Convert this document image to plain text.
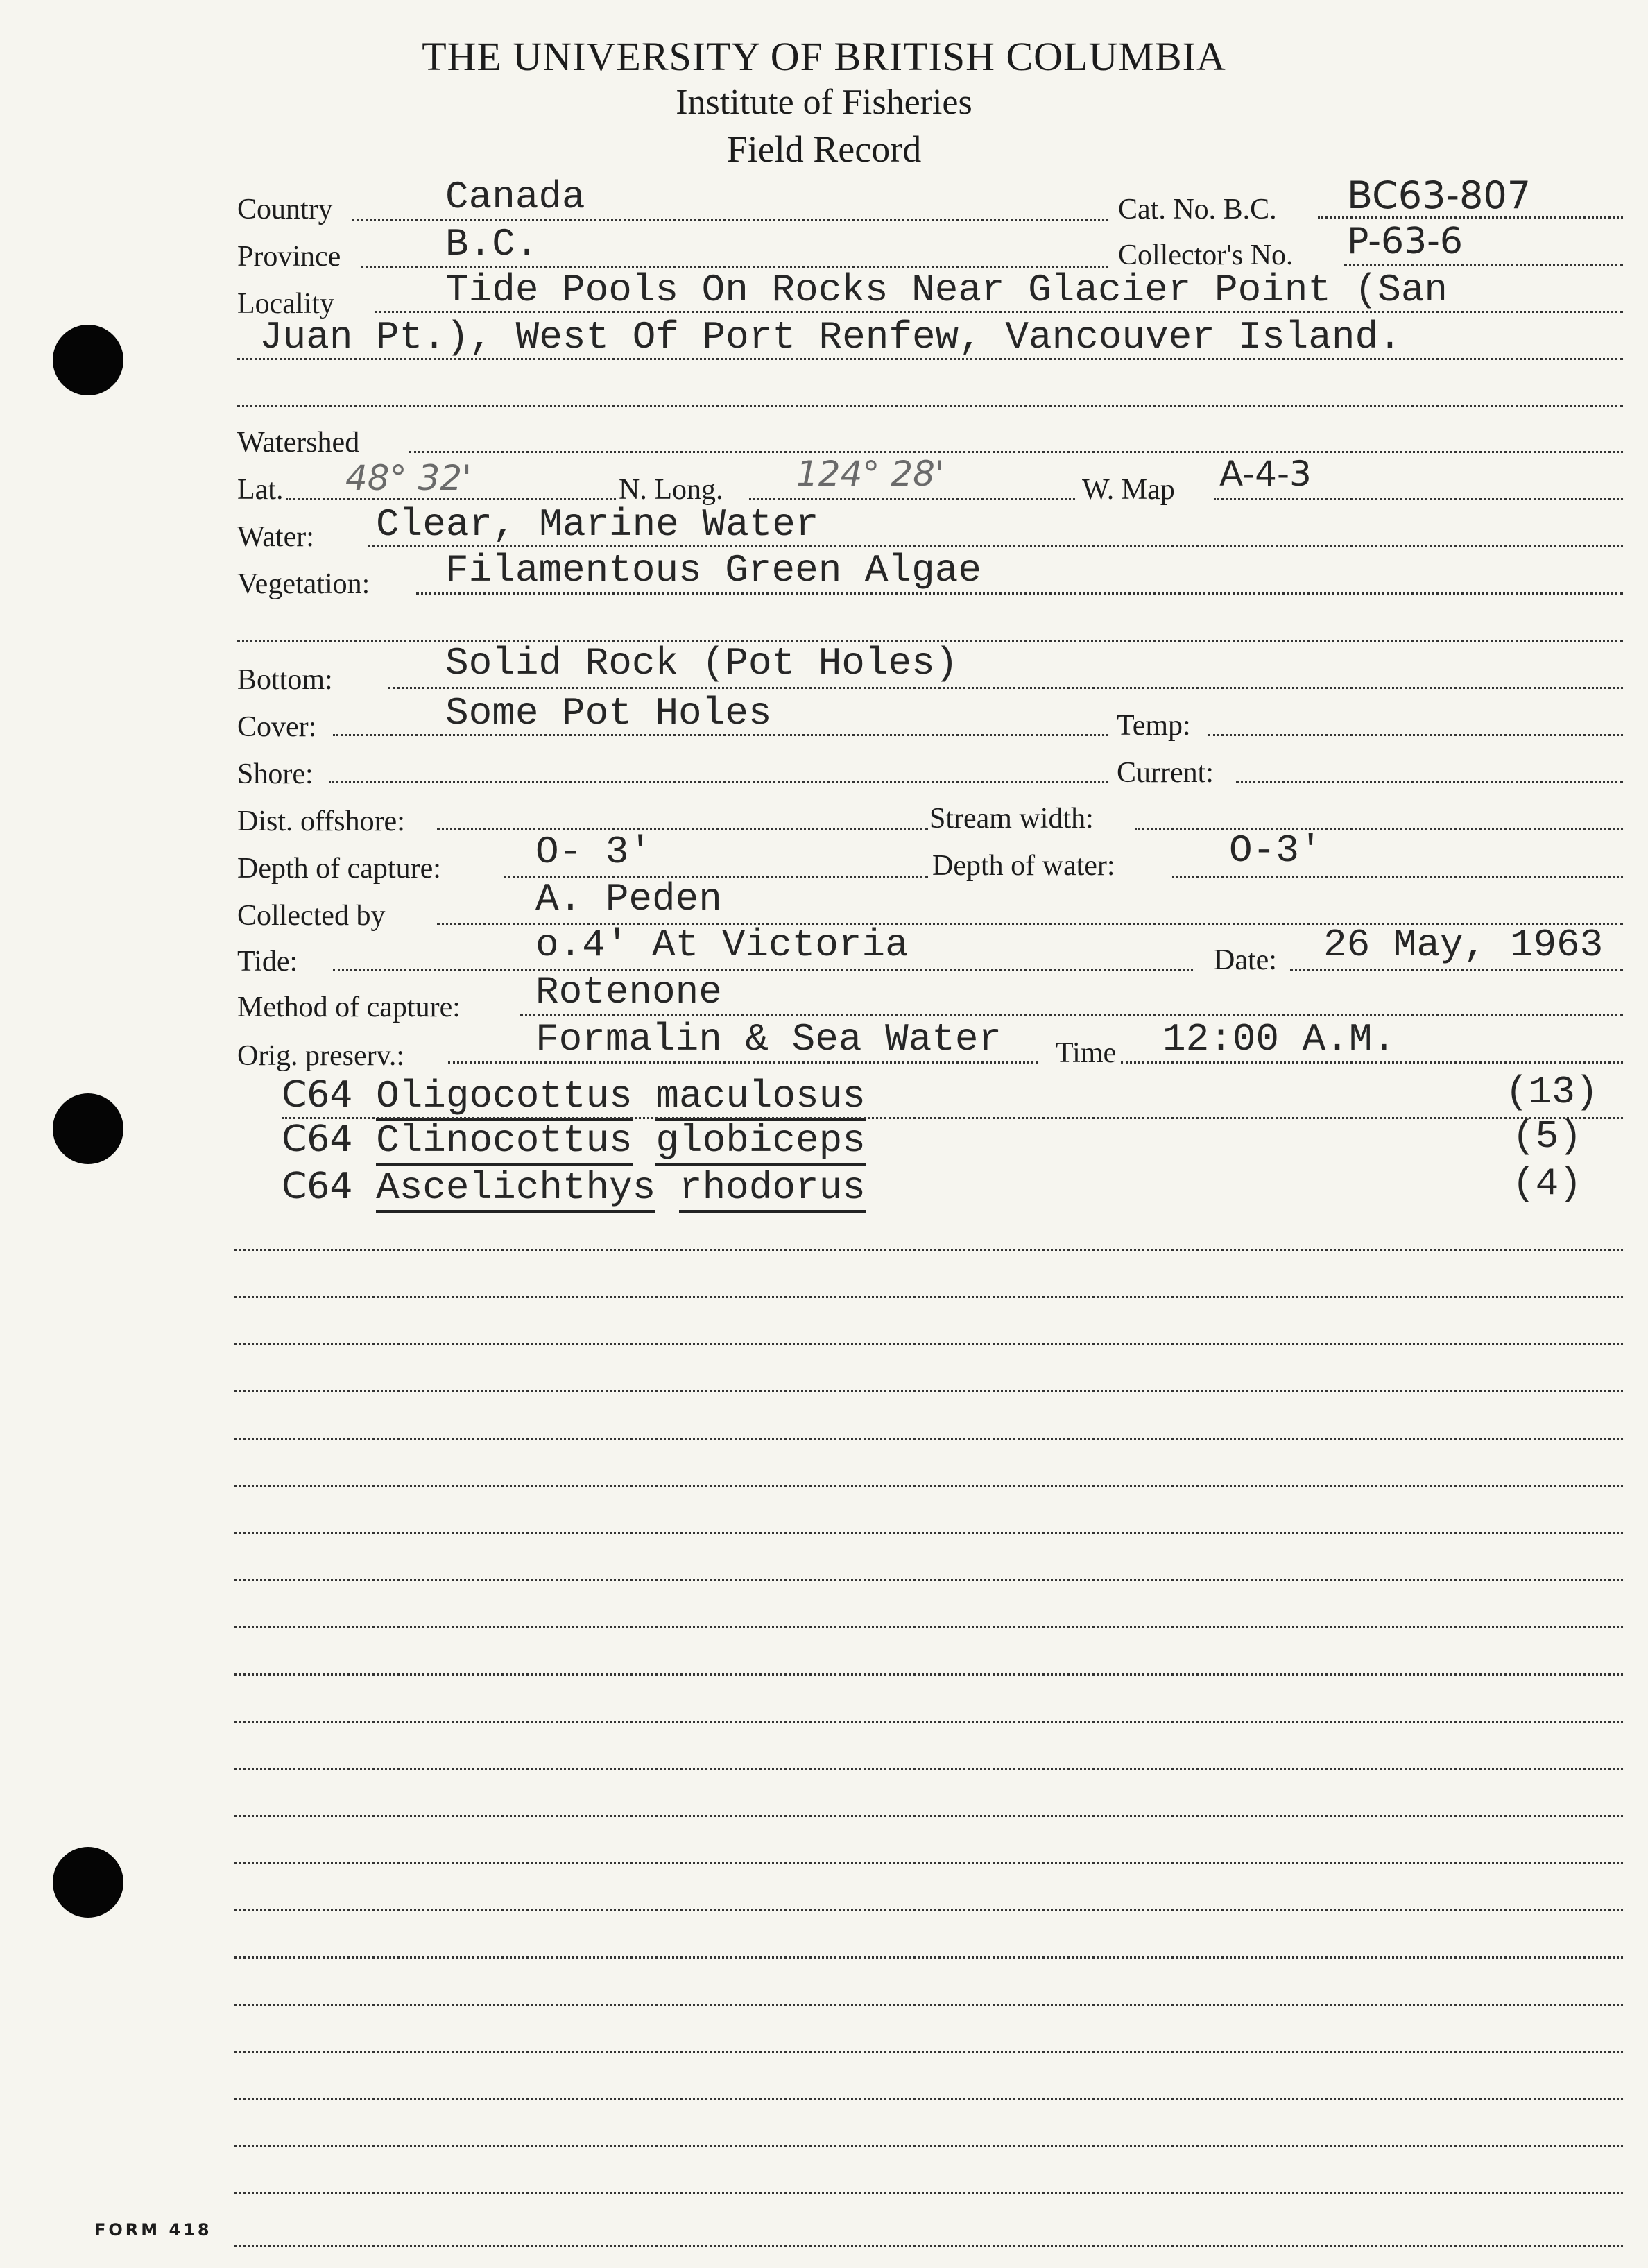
THE UNIVERSITY OF BRITISH COLUMBIA
Institute of Fisheries
Field Record
Country	Canada	Cat. No. B.C. BC63-807
Province	B.C.	Collector's No. P-63-6
Locality	Tide Pools On Rocks Near Glacier Point (San
Juan Pt.), West Of Port Renfew, Vancouver Island.
Watershed
Lat. 48° 32'	N. Long. 124° 28'	W. Map A-4-3
Water: Clear, Marine Water
Vegetation: Filamentous Green Algae
Bottom:	Solid Rock (Pot Holes)
Cover:	Some Pot Holes	Temp:
Shore:	Current:
Dist. offshore:	Stream width:
Depth of capture: O- 3'	Depth of water:	O-3'
Collected by	A. Peden
Tide:	o.4' At Victoria	Date: 26 May, 1963
Method of capture: Rotenone
Orig. preserv.:	Formalin & Sea Water Time 12:00 A.M.
C64 Oligocottus maculosus	(13)
C64 Clinocottus globiceps	(5)
C64 Ascelichthys rhodorus	(4)
FORM 418
